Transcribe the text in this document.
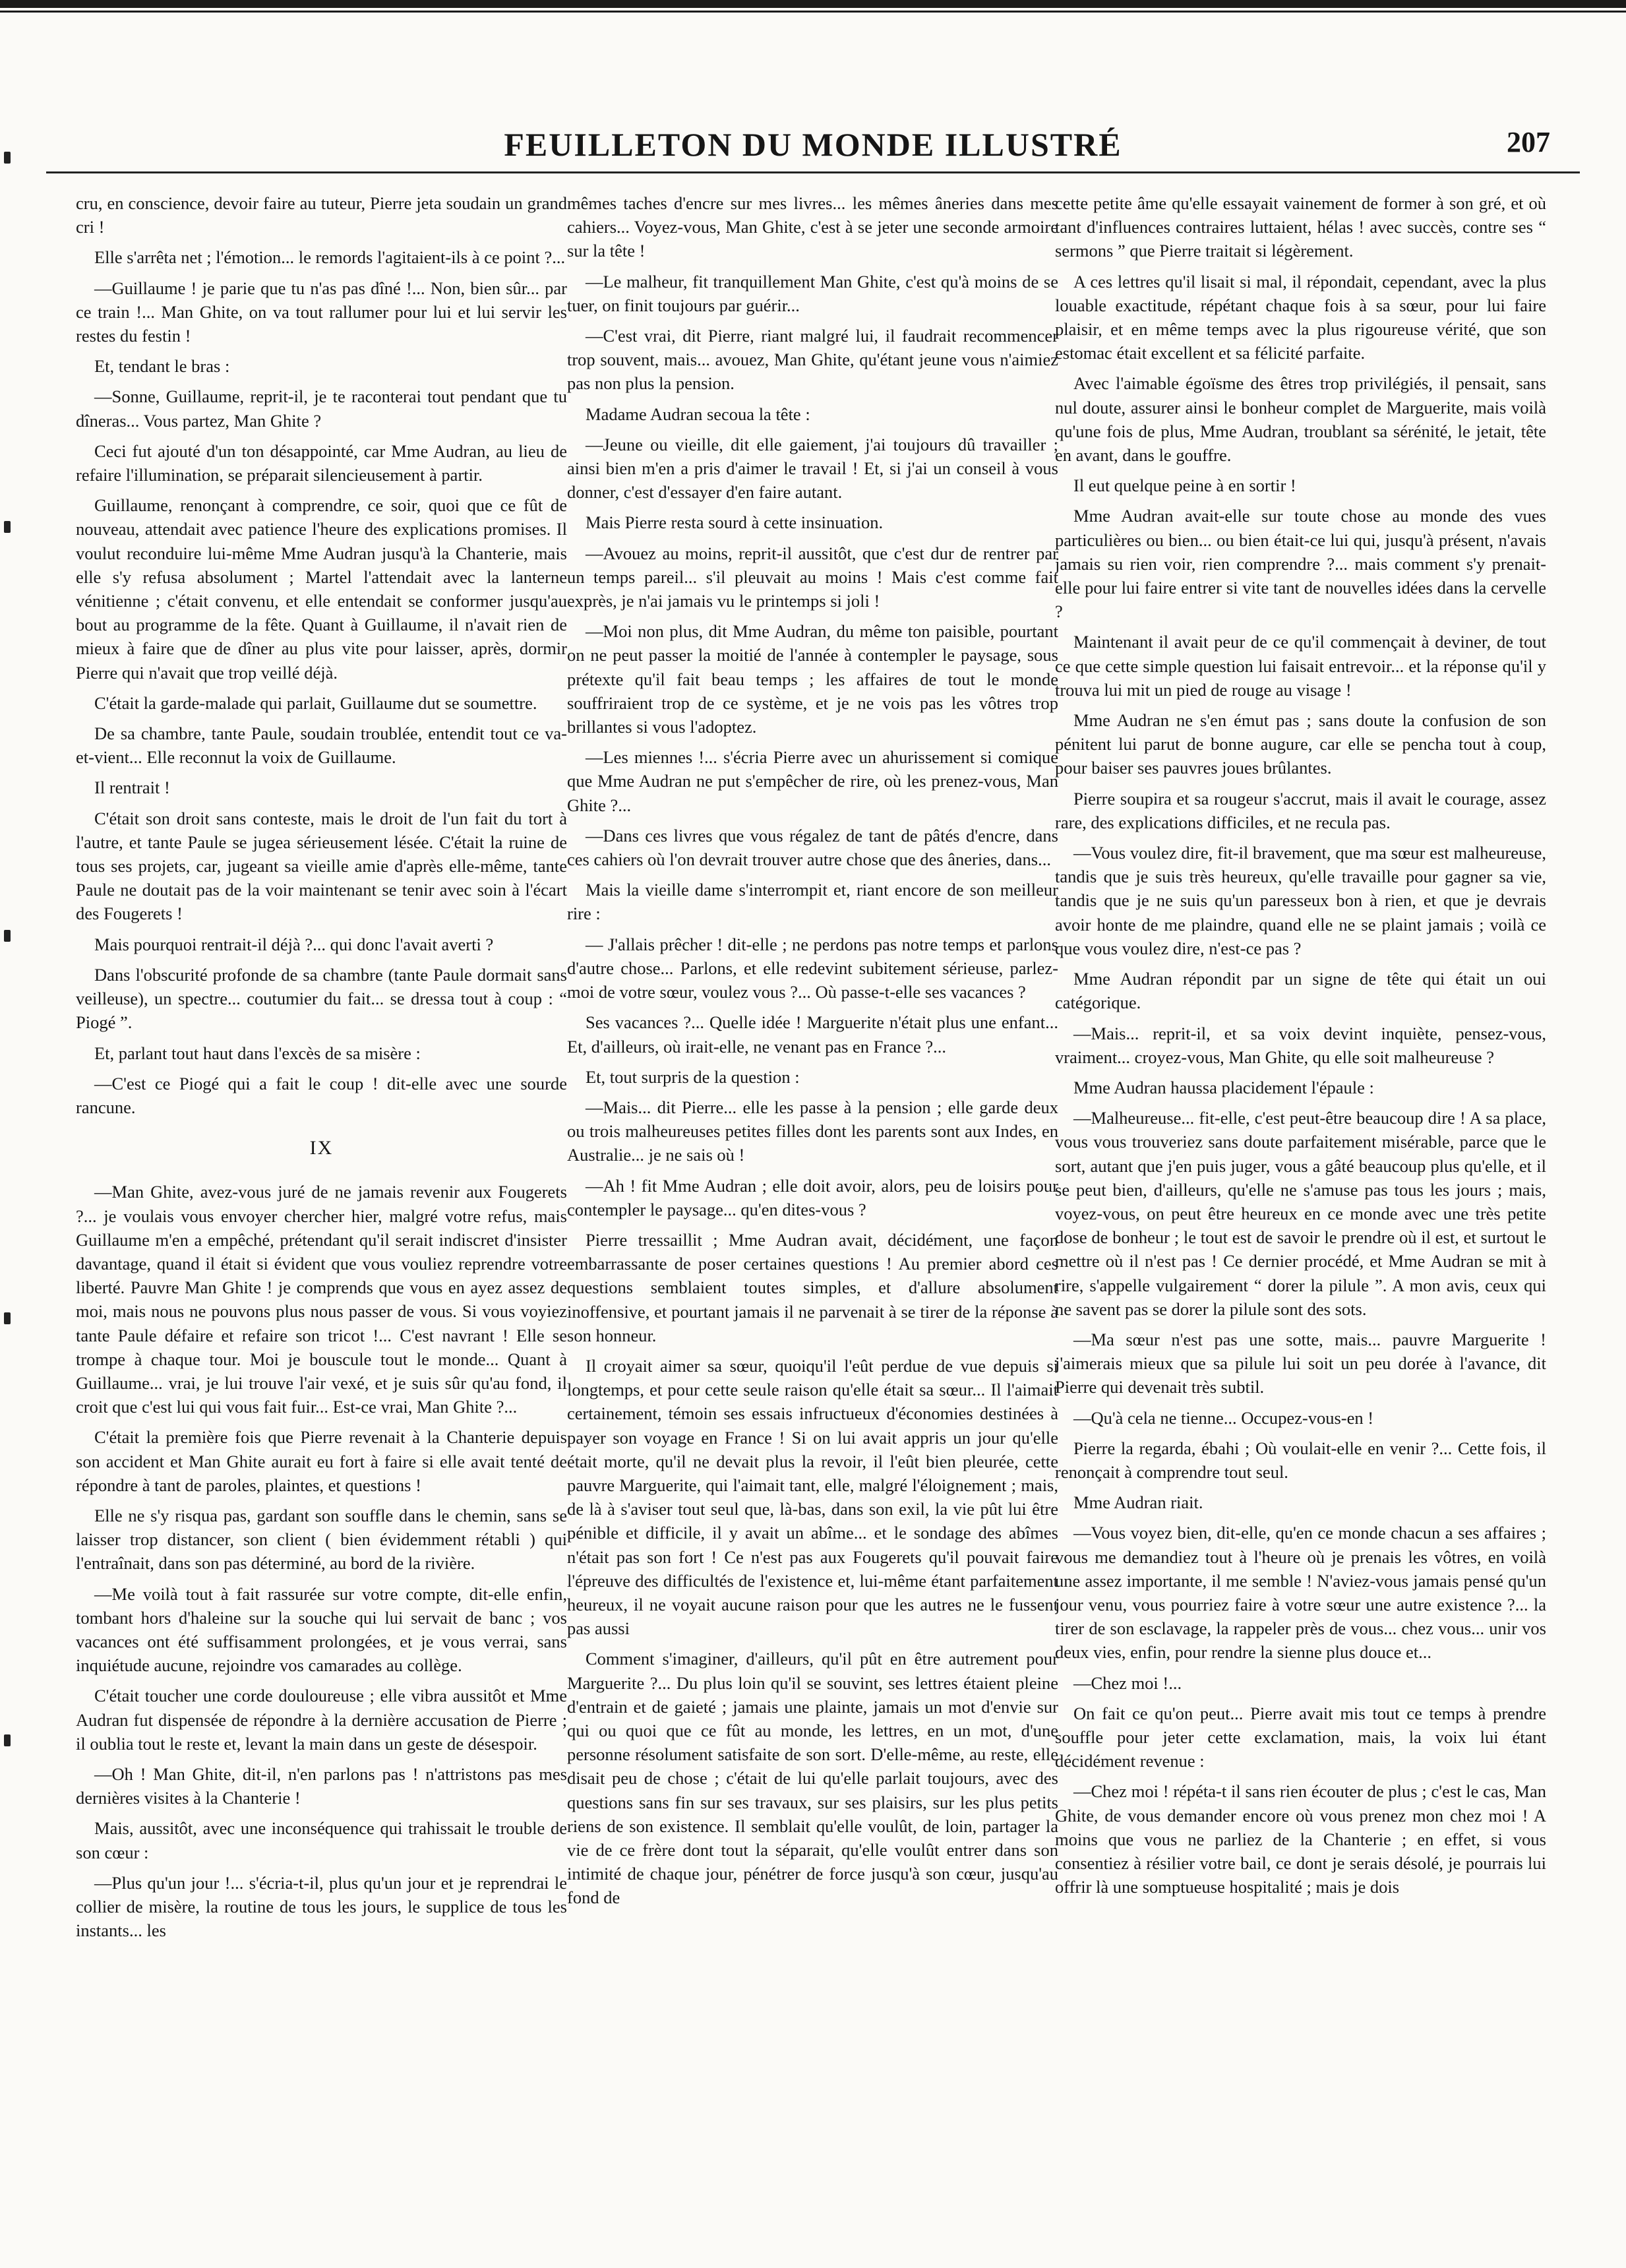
FEUILLETON DU MONDE ILLUSTRÉ	207

cru, en conscience, devoir faire au tuteur, Pierre jeta soudain un grand cri !

Elle s'arrêta net ; l'émotion... le remords l'agitaient-ils à ce point ?...

—Guillaume ! je parie que tu n'as pas dîné !... Non, bien sûr... par ce train !... Man Ghite, on va tout rallumer pour lui et lui servir les restes du festin !

Et, tendant le bras :

—Sonne, Guillaume, reprit-il, je te raconterai tout pendant que tu dîneras... Vous partez, Man Ghite ?

Ceci fut ajouté d'un ton désappointé, car Mme Audran, au lieu de refaire l'illumination, se préparait silencieusement à partir.

Guillaume, renonçant à comprendre, ce soir, quoi que ce fût de nouveau, attendait avec patience l'heure des explications promises. Il voulut reconduire lui-même Mme Audran jusqu'à la Chanterie, mais elle s'y refusa absolument ; Martel l'attendait avec la lanterne vénitienne ; c'était convenu, et elle entendait se conformer jusqu'au bout au programme de la fête. Quant à Guillaume, il n'avait rien de mieux à faire que de dîner au plus vite pour laisser, après, dormir Pierre qui n'avait que trop veillé déjà.

C'était la garde-malade qui parlait, Guillaume dut se soumettre.

De sa chambre, tante Paule, soudain troublée, entendit tout ce va-et-vient... Elle reconnut la voix de Guillaume.

Il rentrait !

C'était son droit sans conteste, mais le droit de l'un fait du tort à l'autre, et tante Paule se jugea sérieusement lésée. C'était la ruine de tous ses projets, car, jugeant sa vieille amie d'après elle-même, tante Paule ne doutait pas de la voir maintenant se tenir avec soin à l'écart des Fougerets !

Mais pourquoi rentrait-il déjà ?... qui donc l'avait averti ?

Dans l'obscurité profonde de sa chambre (tante Paule dormait sans veilleuse), un spectre... coutumier du fait... se dressa tout à coup : “ Piogé ”.

Et, parlant tout haut dans l'excès de sa misère :

—C'est ce Piogé qui a fait le coup ! dit-elle avec une sourde rancune.

IX

—Man Ghite, avez-vous juré de ne jamais revenir aux Fougerets ?... je voulais vous envoyer chercher hier, malgré votre refus, mais Guillaume m'en a empêché, prétendant qu'il serait indiscret d'insister davantage, quand il était si évident que vous vouliez reprendre votre liberté. Pauvre Man Ghite ! je comprends que vous en ayez assez de moi, mais nous ne pouvons plus nous passer de vous. Si vous voyiez tante Paule défaire et refaire son tricot !... C'est navrant ! Elle se trompe à chaque tour. Moi je bouscule tout le monde... Quant à Guillaume... vrai, je lui trouve l'air vexé, et je suis sûr qu'au fond, il croit que c'est lui qui vous fait fuir... Est-ce vrai, Man Ghite ?...

C'était la première fois que Pierre revenait à la Chanterie depuis son accident et Man Ghite aurait eu fort à faire si elle avait tenté de répondre à tant de paroles, plaintes, et questions !

Elle ne s'y risqua pas, gardant son souffle dans le chemin, sans se laisser trop distancer, son client ( bien évidemment rétabli ) qui l'entraînait, dans son pas déterminé, au bord de la rivière.

—Me voilà tout à fait rassurée sur votre compte, dit-elle enfin, tombant hors d'haleine sur la souche qui lui servait de banc ; vos vacances ont été suffisamment prolongées, et je vous verrai, sans inquiétude aucune, rejoindre vos camarades au collège.

C'était toucher une corde douloureuse ; elle vibra aussitôt et Mme Audran fut dispensée de répondre à la dernière accusation de Pierre ; il oublia tout le reste et, levant la main dans un geste de désespoir.

—Oh ! Man Ghite, dit-il, n'en parlons pas ! n'attristons pas mes dernières visites à la Chanterie !

Mais, aussitôt, avec une inconséquence qui trahissait le trouble de son cœur :

—Plus qu'un jour !... s'écria-t-il, plus qu'un jour et je reprendrai le collier de misère, la routine de tous les jours, le supplice de tous les instants... les

mêmes taches d'encre sur mes livres... les mêmes âneries dans mes cahiers... Voyez-vous, Man Ghite, c'est à se jeter une seconde armoire sur la tête !

—Le malheur, fit tranquillement Man Ghite, c'est qu'à moins de se tuer, on finit toujours par guérir...

—C'est vrai, dit Pierre, riant malgré lui, il faudrait recommencer trop souvent, mais... avouez, Man Ghite, qu'étant jeune vous n'aimiez pas non plus la pension.

Madame Audran secoua la tête :

—Jeune ou vieille, dit elle gaiement, j'ai toujours dû travailler ; ainsi bien m'en a pris d'aimer le travail ! Et, si j'ai un conseil à vous donner, c'est d'essayer d'en faire autant.

Mais Pierre resta sourd à cette insinuation.

—Avouez au moins, reprit-il aussitôt, que c'est dur de rentrer par un temps pareil... s'il pleuvait au moins ! Mais c'est comme fait exprès, je n'ai jamais vu le printemps si joli !

—Moi non plus, dit Mme Audran, du même ton paisible, pourtant on ne peut passer la moitié de l'année à contempler le paysage, sous prétexte qu'il fait beau temps ; les affaires de tout le monde souffriraient trop de ce système, et je ne vois pas les vôtres trop brillantes si vous l'adoptez.

—Les miennes !... s'écria Pierre avec un ahurissement si comique que Mme Audran ne put s'empêcher de rire, où les prenez-vous, Man Ghite ?...

—Dans ces livres que vous régalez de tant de pâtés d'encre, dans ces cahiers où l'on devrait trouver autre chose que des âneries, dans...

Mais la vieille dame s'interrompit et, riant encore de son meilleur rire :

— J'allais prêcher ! dit-elle ; ne perdons pas notre temps et parlons d'autre chose... Parlons, et elle redevint subitement sérieuse, parlez-moi de votre sœur, voulez vous ?... Où passe-t-elle ses vacances ?

Ses vacances ?... Quelle idée ! Marguerite n'était plus une enfant... Et, d'ailleurs, où irait-elle, ne venant pas en France ?...

Et, tout surpris de la question :

—Mais... dit Pierre... elle les passe à la pension ; elle garde deux ou trois malheureuses petites filles dont les parents sont aux Indes, en Australie... je ne sais où !

—Ah ! fit Mme Audran ; elle doit avoir, alors, peu de loisirs pour contempler le paysage... qu'en dites-vous ?

Pierre tressaillit ; Mme Audran avait, décidément, une façon embarrassante de poser certaines questions ! Au premier abord ces questions semblaient toutes simples, et d'allure absolument inoffensive, et pourtant jamais il ne parvenait à se tirer de la réponse à son honneur.

Il croyait aimer sa sœur, quoiqu'il l'eût perdue de vue depuis si longtemps, et pour cette seule raison qu'elle était sa sœur... Il l'aimait certainement, témoin ses essais infructueux d'économies destinées à payer son voyage en France ! Si on lui avait appris un jour qu'elle était morte, qu'il ne devait plus la revoir, il l'eût bien pleurée, cette pauvre Marguerite, qui l'aimait tant, elle, malgré l'éloignement ; mais, de là à s'aviser tout seul que, là-bas, dans son exil, la vie pût lui être pénible et difficile, il y avait un abîme... et le sondage des abîmes n'était pas son fort ! Ce n'est pas aux Fougerets qu'il pouvait faire l'épreuve des difficultés de l'existence et, lui-même étant parfaitement heureux, il ne voyait aucune raison pour que les autres ne le fussent pas aussi

Comment s'imaginer, d'ailleurs, qu'il pût en être autrement pour Marguerite ?... Du plus loin qu'il se souvint, ses lettres étaient pleine d'entrain et de gaieté ; jamais une plainte, jamais un mot d'envie sur qui ou quoi que ce fût au monde, les lettres, en un mot, d'une personne résolument satisfaite de son sort. D'elle-même, au reste, elle disait peu de chose ; c'était de lui qu'elle parlait toujours, avec des questions sans fin sur ses travaux, sur ses plaisirs, sur les plus petits riens de son existence. Il semblait qu'elle voulût, de loin, partager la vie de ce frère dont tout la séparait, qu'elle voulût entrer dans son intimité de chaque jour, pénétrer de force jusqu'à son cœur, jusqu'au fond de

cette petite âme qu'elle essayait vainement de former à son gré, et où tant d'influences contraires luttaient, hélas ! avec succès, contre ses “ sermons ” que Pierre traitait si légèrement.

A ces lettres qu'il lisait si mal, il répondait, cependant, avec la plus louable exactitude, répétant chaque fois à sa sœur, pour lui faire plaisir, et en même temps avec la plus rigoureuse vérité, que son estomac était excellent et sa félicité parfaite.

Avec l'aimable égoïsme des êtres trop privilégiés, il pensait, sans nul doute, assurer ainsi le bonheur complet de Marguerite, mais voilà qu'une fois de plus, Mme Audran, troublant sa sérénité, le jetait, tête en avant, dans le gouffre.

Il eut quelque peine à en sortir !

Mme Audran avait-elle sur toute chose au monde des vues particulières ou bien... ou bien était-ce lui qui, jusqu'à présent, n'avais jamais su rien voir, rien comprendre ?... mais comment s'y prenait-elle pour lui faire entrer si vite tant de nouvelles idées dans la cervelle ?

Maintenant il avait peur de ce qu'il commençait à deviner, de tout ce que cette simple question lui faisait entrevoir... et la réponse qu'il y trouva lui mit un pied de rouge au visage !

Mme Audran ne s'en émut pas ; sans doute la confusion de son pénitent lui parut de bonne augure, car elle se pencha tout à coup, pour baiser ses pauvres joues brûlantes.

Pierre soupira et sa rougeur s'accrut, mais il avait le courage, assez rare, des explications difficiles, et ne recula pas.

—Vous voulez dire, fit-il bravement, que ma sœur est malheureuse, tandis que je suis très heureux, qu'elle travaille pour gagner sa vie, tandis que je ne suis qu'un paresseux bon à rien, et que je devrais avoir honte de me plaindre, quand elle ne se plaint jamais ; voilà ce que vous voulez dire, n'est-ce pas ?

Mme Audran répondit par un signe de tête qui était un oui catégorique.

—Mais... reprit-il, et sa voix devint inquiète, pensez-vous, vraiment... croyez-vous, Man Ghite, qu elle soit malheureuse ?

Mme Audran haussa placidement l'épaule :

—Malheureuse... fit-elle, c'est peut-être beaucoup dire ! A sa place, vous vous trouveriez sans doute parfaitement misérable, parce que le sort, autant que j'en puis juger, vous a gâté beaucoup plus qu'elle, et il se peut bien, d'ailleurs, qu'elle ne s'amuse pas tous les jours ; mais, voyez-vous, on peut être heureux en ce monde avec une très petite dose de bonheur ; le tout est de savoir le prendre où il est, et surtout le mettre où il n'est pas ! Ce dernier procédé, et Mme Audran se mit à rire, s'appelle vulgairement “ dorer la pilule ”. A mon avis, ceux qui ne savent pas se dorer la pilule sont des sots.

—Ma sœur n'est pas une sotte, mais... pauvre Marguerite ! j'aimerais mieux que sa pilule lui soit un peu dorée à l'avance, dit Pierre qui devenait très subtil.

—Qu'à cela ne tienne... Occupez-vous-en !

Pierre la regarda, ébahi ; Où voulait-elle en venir ?... Cette fois, il renonçait à comprendre tout seul.

Mme Audran riait.

—Vous voyez bien, dit-elle, qu'en ce monde chacun a ses affaires ; vous me demandiez tout à l'heure où je prenais les vôtres, en voilà une assez importante, il me semble ! N'aviez-vous jamais pensé qu'un jour venu, vous pourriez faire à votre sœur une autre existence ?... la tirer de son esclavage, la rappeler près de vous... chez vous... unir vos deux vies, enfin, pour rendre la sienne plus douce et...

—Chez moi !...

On fait ce qu'on peut... Pierre avait mis tout ce temps à prendre souffle pour jeter cette exclamation, mais, la voix lui étant décidément revenue :

—Chez moi ! répéta-t il sans rien écouter de plus ; c'est le cas, Man Ghite, de vous demander encore où vous prenez mon chez moi ! A moins que vous ne parliez de la Chanterie ; en effet, si vous consentiez à résilier votre bail, ce dont je serais désolé, je pourrais lui offrir là une somptueuse hospitalité ; mais je dois
